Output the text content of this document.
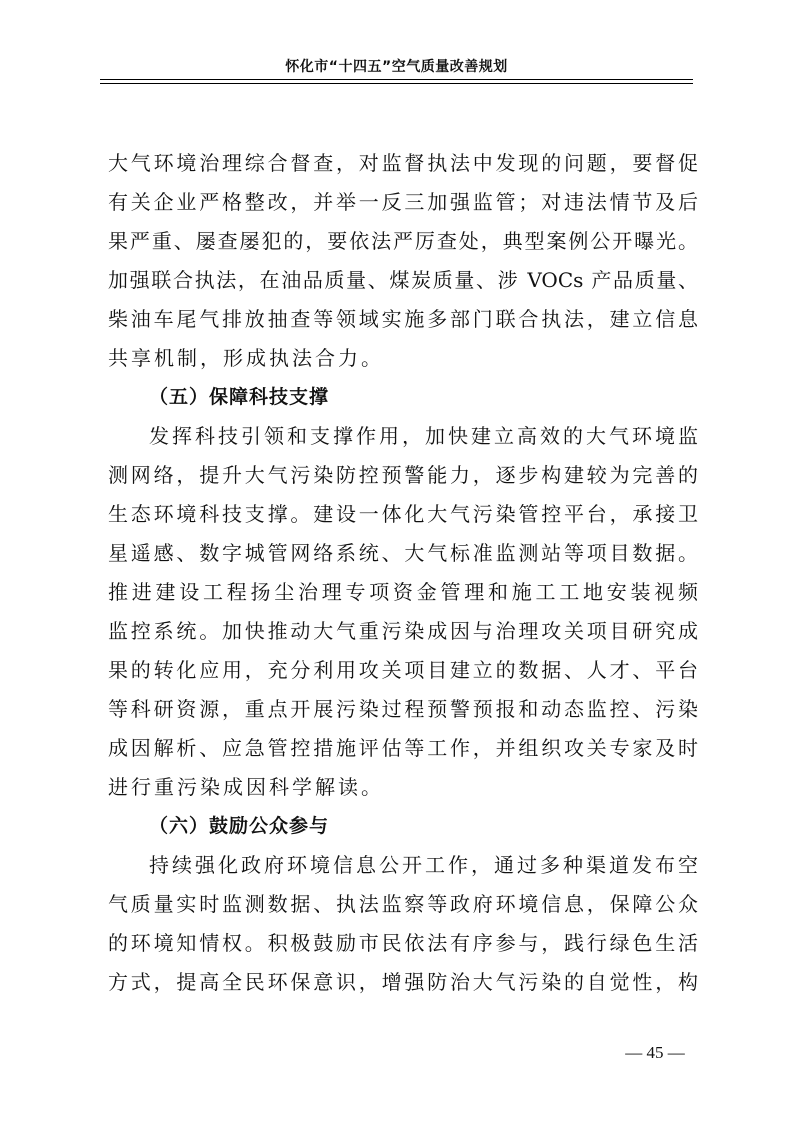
怀化市“十四五”空气质量改善规划
大气环境治理综合督查，对监督执法中发现的问题，要督促
有关企业严格整改，并举一反三加强监管；对违法情节及后
果严重、屡查屡犯的，要依法严厉查处，典型案例公开曝光。
加强联合执法，在油品质量、煤炭质量、涉 VOCs 产品质量、
柴油车尾气排放抽查等领域实施多部门联合执法，建立信息
共享机制，形成执法合力。
（五）保障科技支撑
发挥科技引领和支撑作用，加快建立高效的大气环境监
测网络，提升大气污染防控预警能力，逐步构建较为完善的
生态环境科技支撑。建设一体化大气污染管控平台，承接卫
星遥感、数字城管网络系统、大气标准监测站等项目数据。
推进建设工程扬尘治理专项资金管理和施工工地安装视频
监控系统。加快推动大气重污染成因与治理攻关项目研究成
果的转化应用，充分利用攻关项目建立的数据、人才、平台
等科研资源，重点开展污染过程预警预报和动态监控、污染
成因解析、应急管控措施评估等工作，并组织攻关专家及时
进行重污染成因科学解读。
（六）鼓励公众参与
持续强化政府环境信息公开工作，通过多种渠道发布空
气质量实时监测数据、执法监察等政府环境信息，保障公众
的环境知情权。积极鼓励市民依法有序参与，践行绿色生活
方式，提高全民环保意识，增强防治大气污染的自觉性，构
— 45 —
